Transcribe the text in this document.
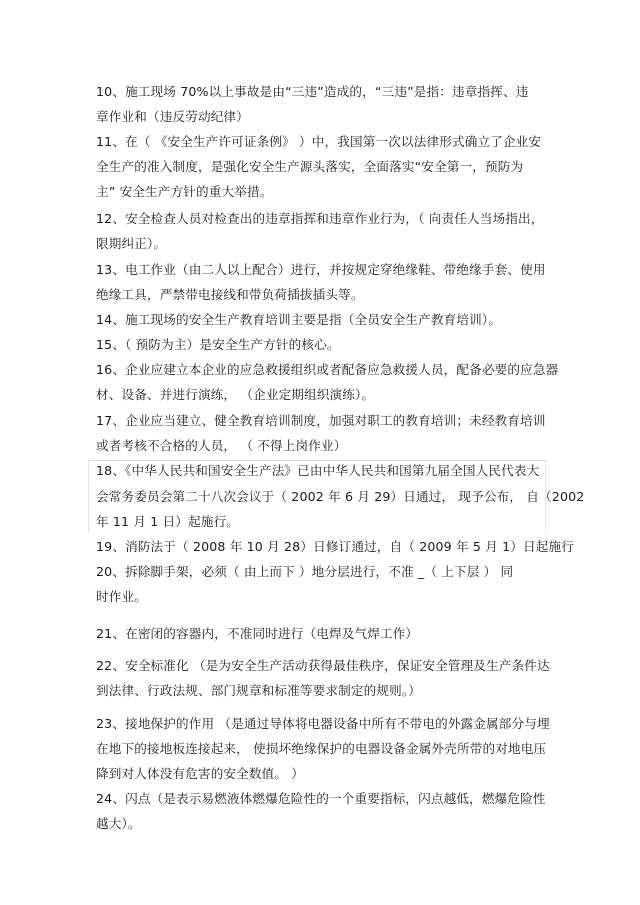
10、施工现场 70%以上事故是由“三违”造成的，“三违”是指：违章指挥、违
章作业和（违反劳动纪律）
11、在（ 《安全生产许可证条例》 ）中，我国第一次以法律形式确立了企业安
全生产的准入制度，是强化安全生产源头落实，全面落实“安全第一，预防为
主” 安全生产方针的重大举措。
12、安全检查人员对检查出的违章指挥和违章作业行为，（ 向责任人当场指出，
限期纠正）。
13、电工作业（由二人以上配合）进行，并按规定穿绝缘鞋、带绝缘手套、使用
绝缘工具，严禁带电接线和带负荷插拔插头等。
14、施工现场的安全生产教育培训主要是指（全员安全生产教育培训）。
15、（ 预防为主）是安全生产方针的核心。
16、企业应建立本企业的应急救援组织或者配备应急救援人员，配备必要的应急器
材、设备、并进行演练， （企业定期组织演练）。
17、企业应当建立、健全教育培训制度，加强对职工的教育培训；未经教育培训
或者考核不合格的人员， （ 不得上岗作业）
18、《中华人民共和国安全生产法》已由中华人民共和国第九届全国人民代表大
会常务委员会第二十八次会议于（ 2002 年 6 月 29）日通过， 现予公布， 自（2002
年 11 月 1 日）起施行。
19、消防法于（ 2008 年 10 月 28）日修订通过，自（ 2009 年 5 月 1）日起施行
20、拆除脚手架，必须（ 由上而下 ）地分层进行，不准 _（ 上下层 ） 同
时作业。
21、在密闭的容器内，不准同时进行（电焊及气焊工作）
22、安全标准化 （是为安全生产活动获得最佳秩序，保证安全管理及生产条件达
到法律、行政法规、部门规章和标准等要求制定的规则。）
23、接地保护的作用 （是通过导体将电器设备中所有不带电的外露金属部分与埋
在地下的接地板连接起来， 使损坏绝缘保护的电器设备金属外壳所带的对地电压
降到对人体没有危害的安全数值。 ）
24、闪点（是表示易燃液体燃爆危险性的一个重要指标，闪点越低，燃爆危险性
越大）。
